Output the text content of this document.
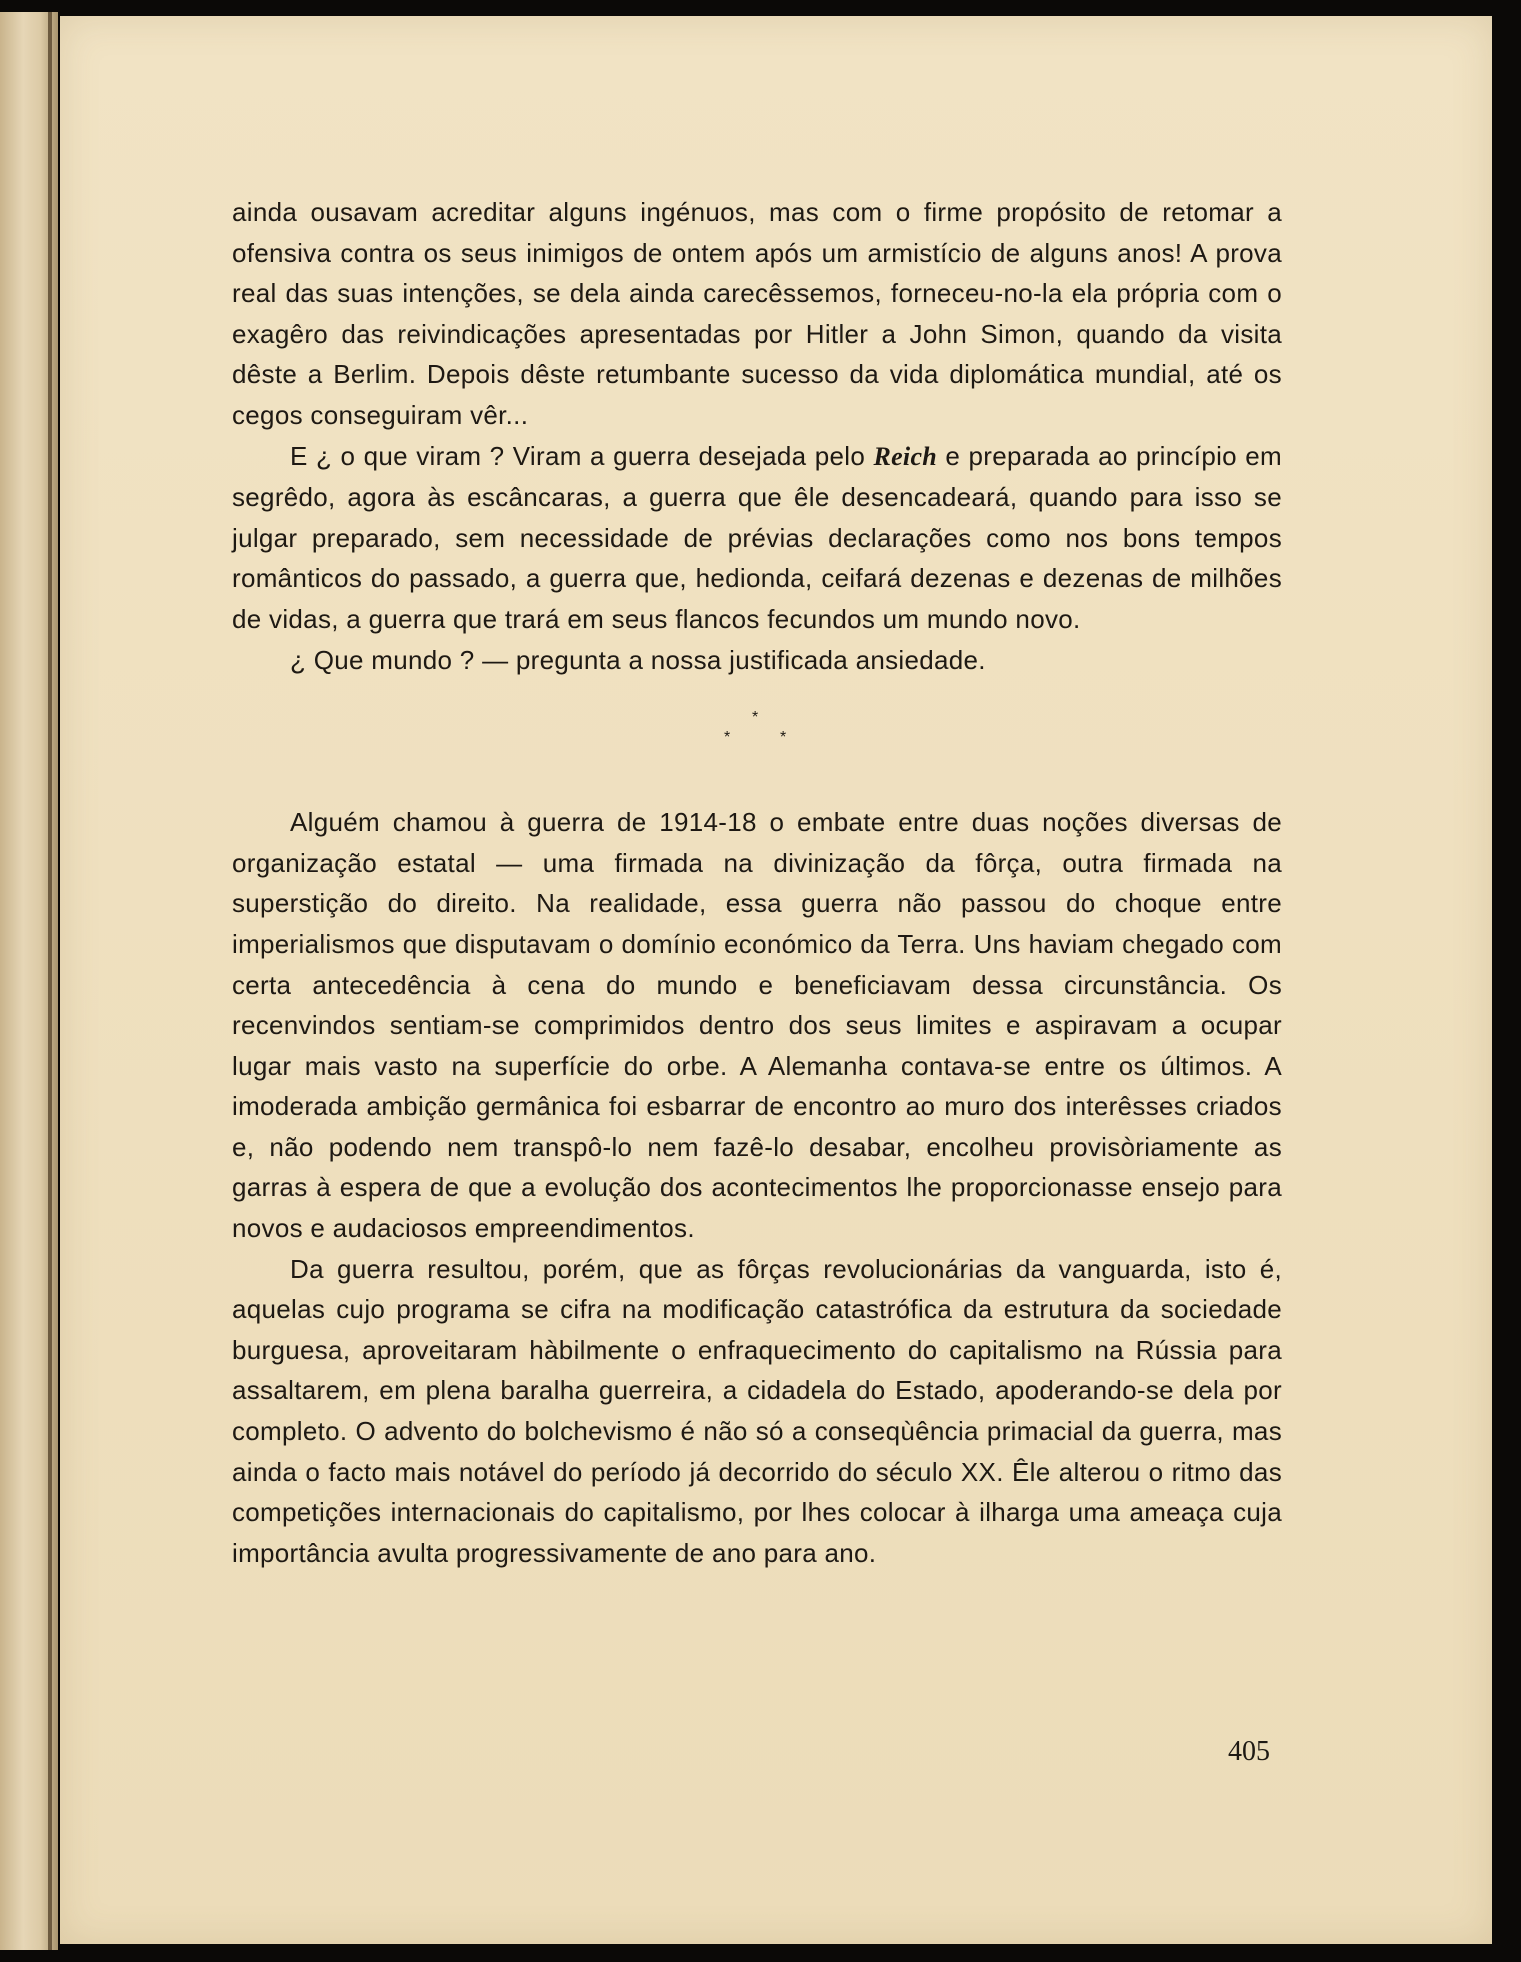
ainda ousavam acreditar alguns ingénuos, mas com o firme propósito de retomar a ofensiva contra os seus inimigos de ontem após um armistício de alguns anos! A prova real das suas intenções, se dela ainda carecêssemos, forneceu-no-la ela própria com o exagêro das reivindicações apresentadas por Hitler a John Simon, quando da visita dêste a Berlim. Depois dêste retumbante sucesso da vida diplomática mundial, até os cegos conseguiram vêr...

E ¿ o que viram ? Viram a guerra desejada pelo Reich e preparada ao princípio em segrêdo, agora às escâncaras, a guerra que êle desencadeará, quando para isso se julgar preparado, sem necessidade de prévias declarações como nos bons tempos românticos do passado, a guerra que, hedionda, ceifará dezenas e dezenas de milhões de vidas, a guerra que trará em seus flancos fecundos um mundo novo.

¿ Que mundo ? — pregunta a nossa justificada ansiedade.

*
*	*

Alguém chamou à guerra de 1914-18 o embate entre duas noções diversas de organização estatal — uma firmada na divinização da fôrça, outra firmada na superstição do direito. Na realidade, essa guerra não passou do choque entre imperialismos que disputavam o domínio económico da Terra. Uns haviam chegado com certa antecedência à cena do mundo e beneficiavam dessa circunstância. Os recenvindos sentiam-se comprimidos dentro dos seus limites e aspiravam a ocupar lugar mais vasto na superfície do orbe. A Alemanha contava-se entre os últimos. A imoderada ambição germânica foi esbarrar de encontro ao muro dos interêsses criados e, não podendo nem transpô-lo nem fazê-lo desabar, encolheu provisòriamente as garras à espera de que a evolução dos acontecimentos lhe proporcionasse ensejo para novos e audaciosos empreendimentos.

Da guerra resultou, porém, que as fôrças revolucionárias da vanguarda, isto é, aquelas cujo programa se cifra na modificação catastrófica da estrutura da sociedade burguesa, aproveitaram hàbilmente o enfraquecimento do capitalismo na Rússia para assaltarem, em plena baralha guerreira, a cidadela do Estado, apoderando-se dela por completo. O advento do bolchevismo é não só a conseqùência primacial da guerra, mas ainda o facto mais notável do período já decorrido do século XX. Êle alterou o ritmo das competições internacionais do capitalismo, por lhes colocar à ilharga uma ameaça cuja importância avulta progressivamente de ano para ano.

405
